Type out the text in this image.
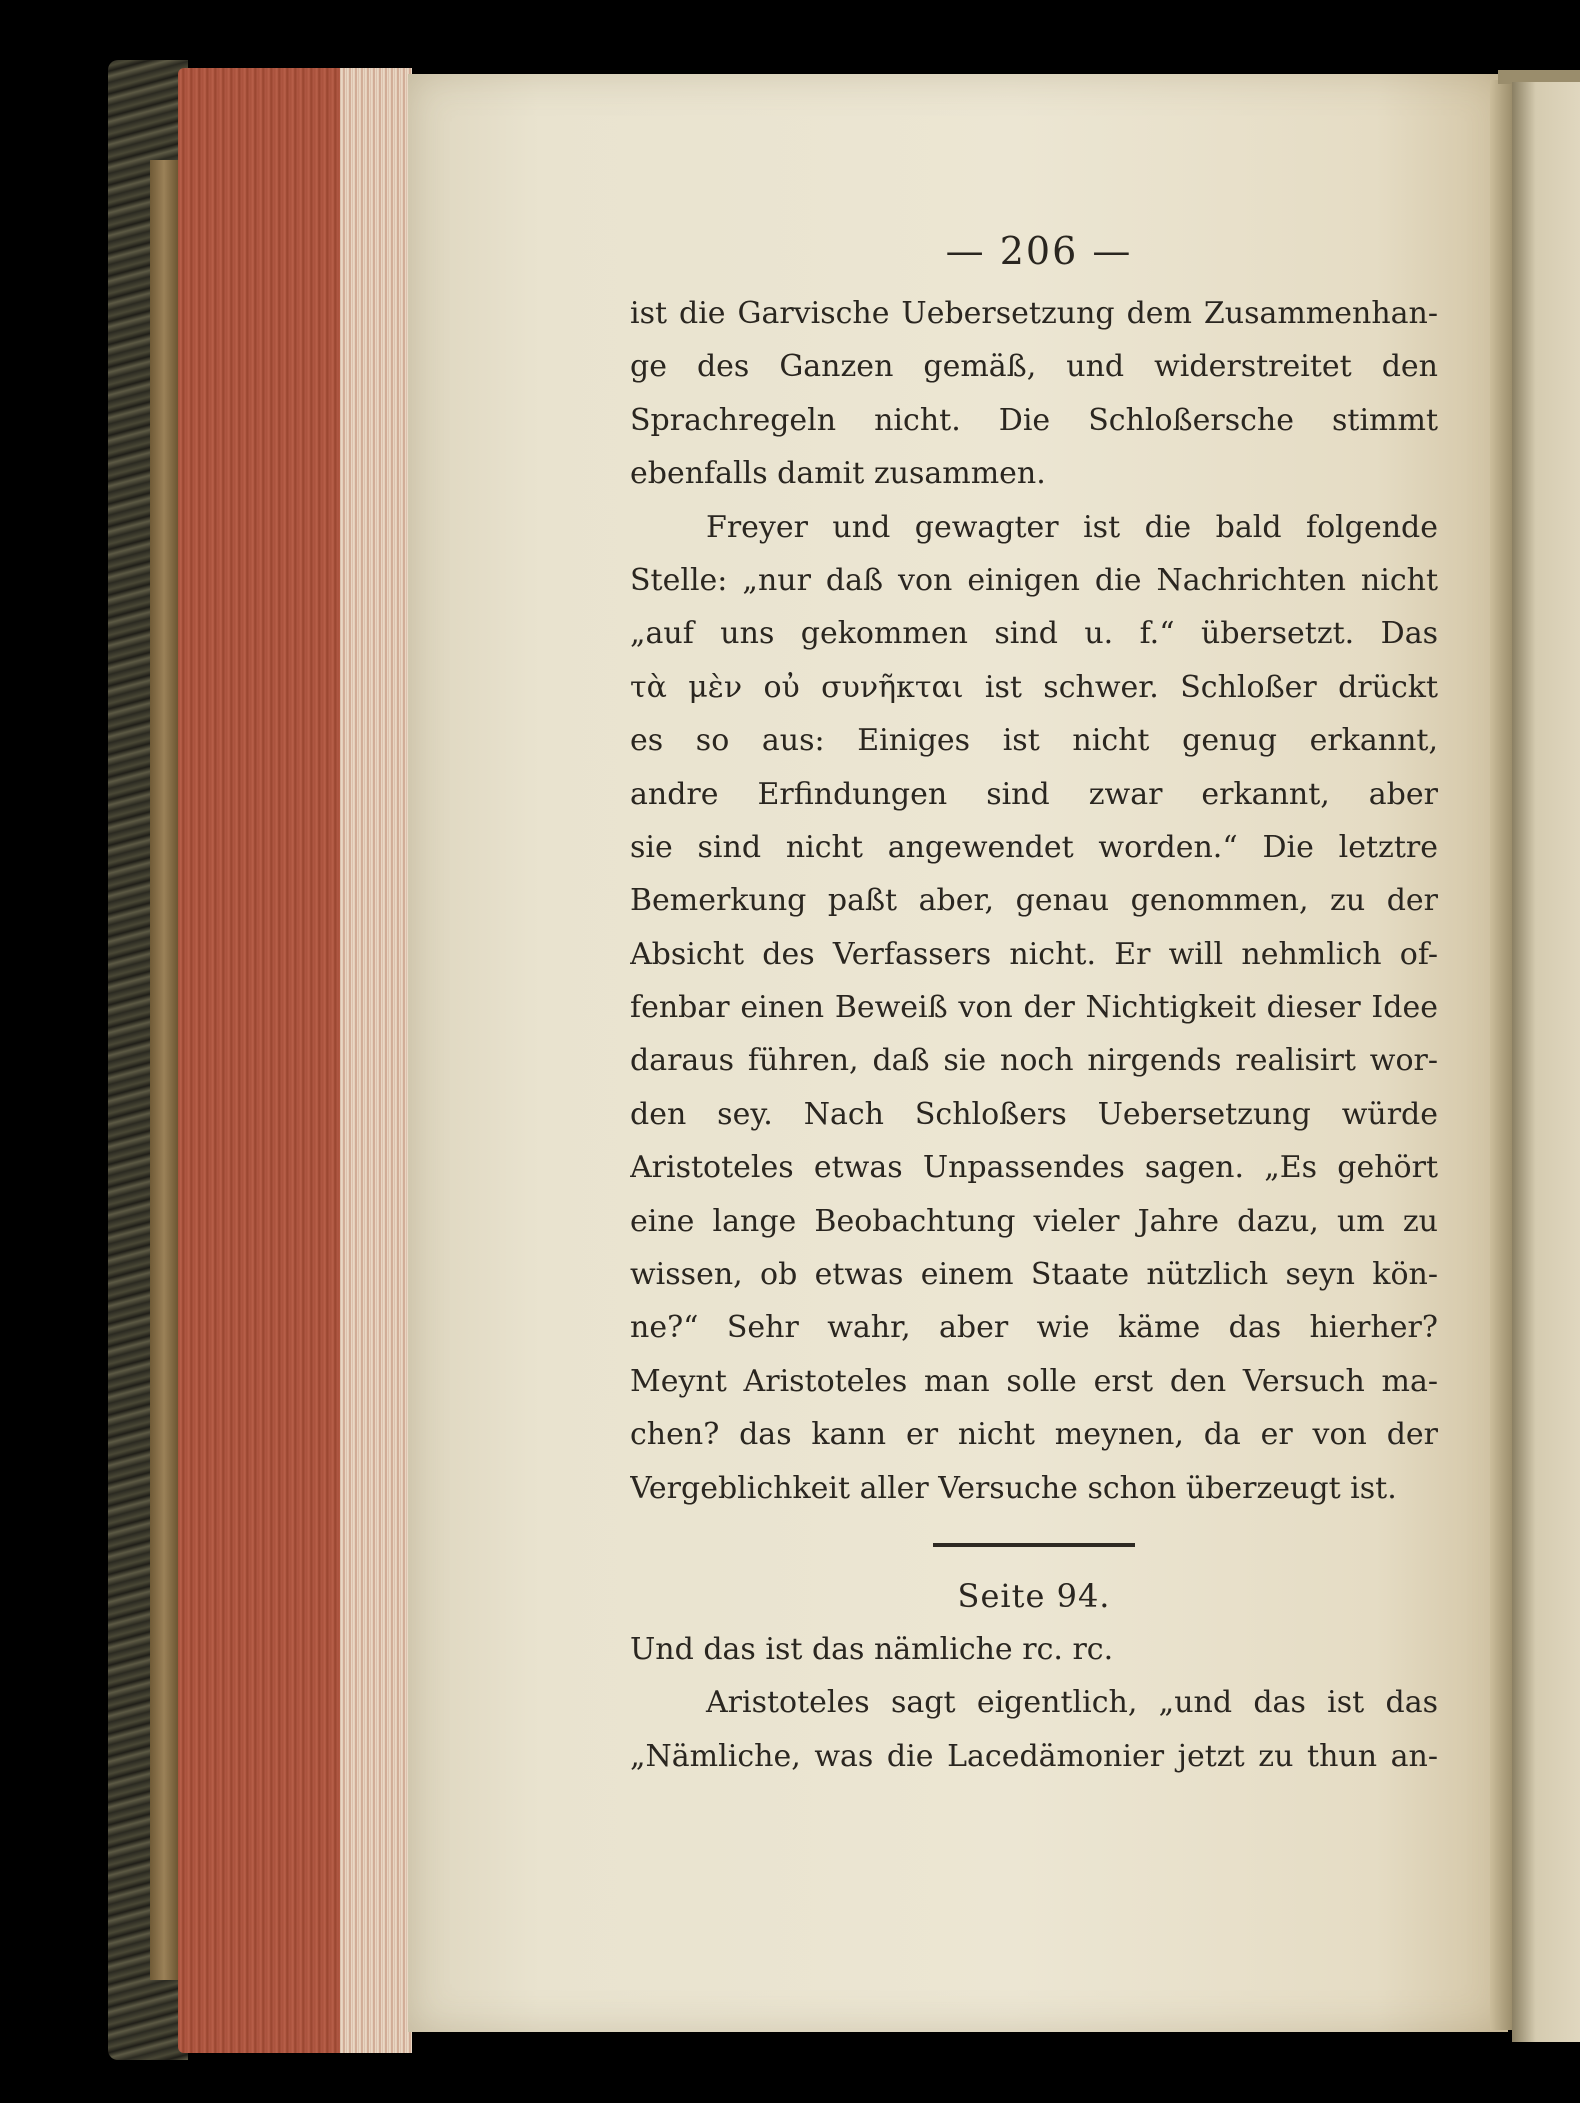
— 206 —
ist die Garvische Uebersetzung dem Zusammenhan-
ge des Ganzen gemäß, und widerstreitet den
Sprachregeln nicht. Die Schloßersche stimmt
ebenfalls damit zusammen.
Freyer und gewagter ist die bald folgende
Stelle: „nur daß von einigen die Nachrichten nicht
„auf uns gekommen sind u. f.“ übersetzt. Das
τὰ μὲν οὐ συνῆκται ist schwer. Schloßer drückt
es so aus: Einiges ist nicht genug erkannt,
andre Erfindungen sind zwar erkannt, aber
sie sind nicht angewendet worden.“ Die letztre
Bemerkung paßt aber, genau genommen, zu der
Absicht des Verfassers nicht. Er will nehmlich of-
fenbar einen Beweiß von der Nichtigkeit dieser Idee
daraus führen, daß sie noch nirgends realisirt wor-
den sey. Nach Schloßers Uebersetzung würde
Aristoteles etwas Unpassendes sagen. „Es gehört
eine lange Beobachtung vieler Jahre dazu, um zu
wissen, ob etwas einem Staate nützlich seyn kön-
ne?“ Sehr wahr, aber wie käme das hierher?
Meynt Aristoteles man solle erst den Versuch ma-
chen? das kann er nicht meynen, da er von der
Vergeblichkeit aller Versuche schon überzeugt ist.
Seite 94.
Und das ist das nämliche rc. rc.
Aristoteles sagt eigentlich, „und das ist das
„Nämliche, was die Lacedämonier jetzt zu thun an-
